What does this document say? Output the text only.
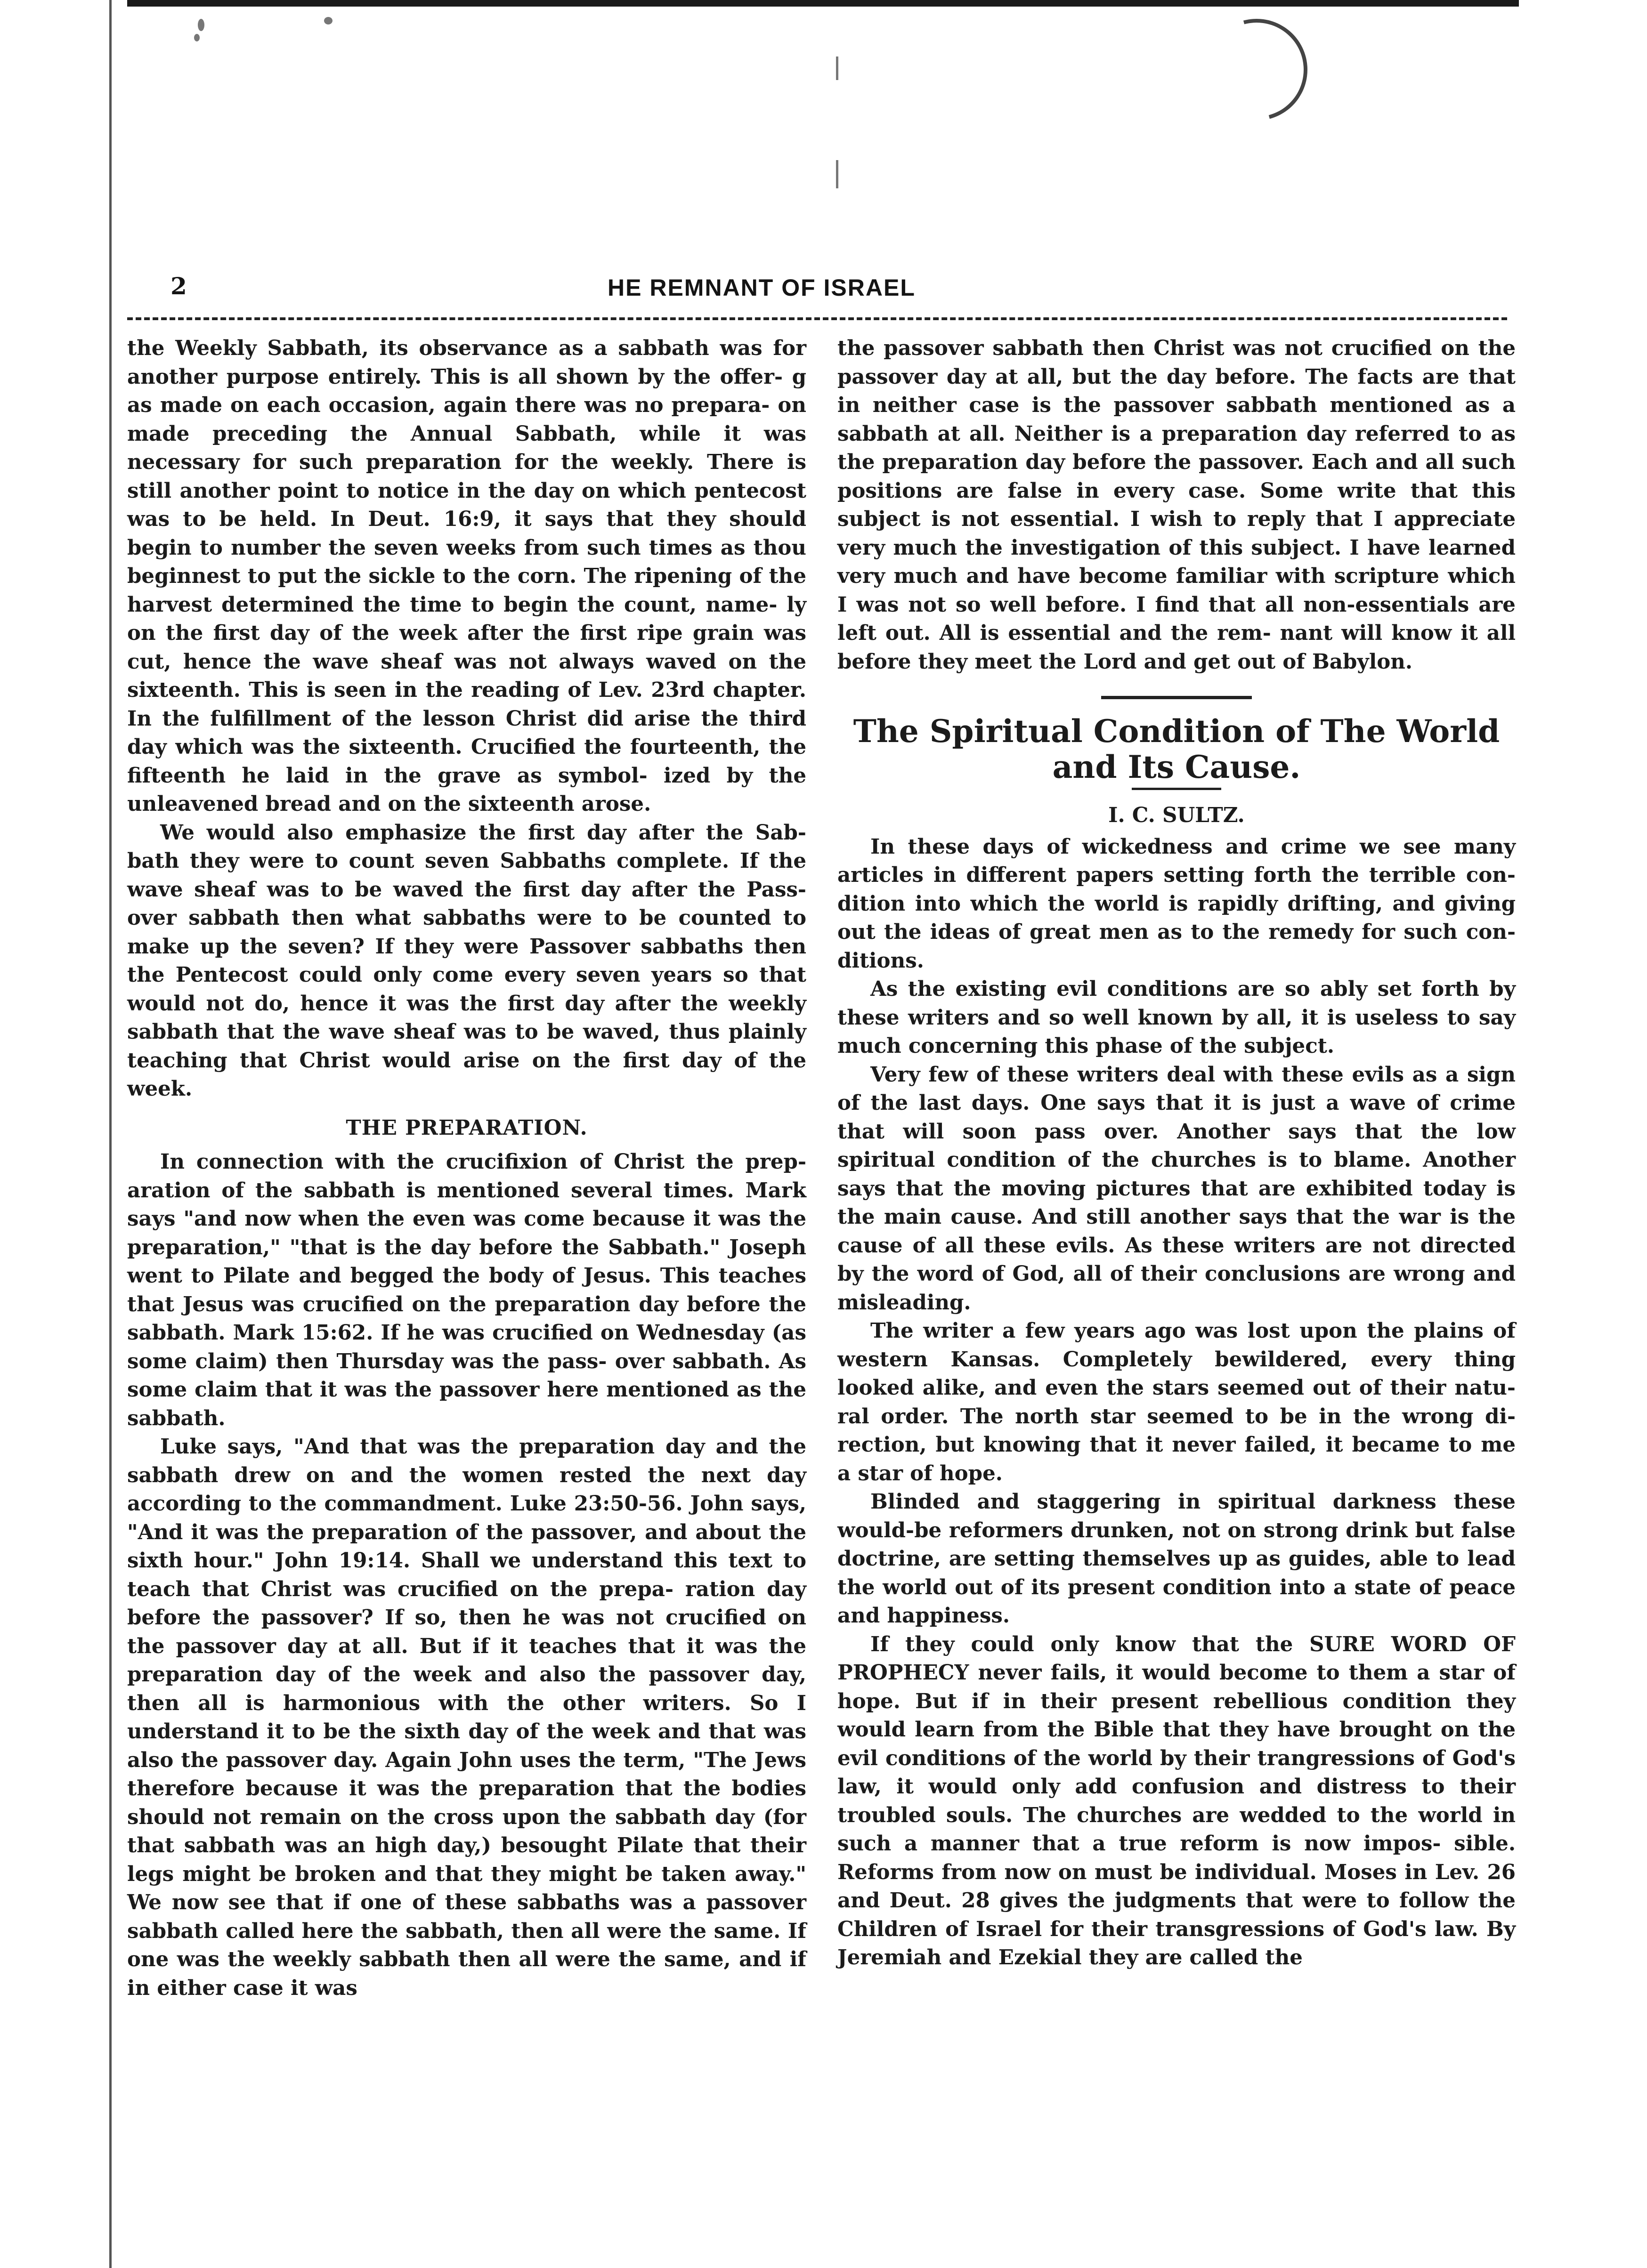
2	HE REMNANT OF ISRAEL

the Weekly Sabbath, its observance as a sabbath was for another purpose entirely. This is all shown by the offer- g as made on each occasion, again there was no prepara- on made preceding the Annual Sabbath, while it was necessary for such preparation for the weekly. There is still another point to notice in the day on which pentecost was to be held. In Deut. 16:9, it says that they should begin to number the seven weeks from such times as thou beginnest to put the sickle to the corn. The ripening of the harvest determined the time to begin the count, name- ly on the first day of the week after the first ripe grain was cut, hence the wave sheaf was not always waved on the sixteenth. This is seen in the reading of Lev. 23rd chapter. In the fulfillment of the lesson Christ did arise the third day which was the sixteenth. Crucified the fourteenth, the fifteenth he laid in the grave as symbol- ized by the unleavened bread and on the sixteenth arose.

We would also emphasize the first day after the Sab- bath they were to count seven Sabbaths complete. If the wave sheaf was to be waved the first day after the Pass- over sabbath then what sabbaths were to be counted to make up the seven? If they were Passover sabbaths then the Pentecost could only come every seven years so that would not do, hence it was the first day after the weekly sabbath that the wave sheaf was to be waved, thus plainly teaching that Christ would arise on the first day of the week.

THE PREPARATION.

In connection with the crucifixion of Christ the prep- aration of the sabbath is mentioned several times. Mark says "and now when the even was come because it was the preparation," "that is the day before the Sabbath." Joseph went to Pilate and begged the body of Jesus. This teaches that Jesus was crucified on the preparation day before the sabbath. Mark 15:62. If he was crucified on Wednesday (as some claim) then Thursday was the pass- over sabbath. As some claim that it was the passover here mentioned as the sabbath.

Luke says, "And that was the preparation day and the sabbath drew on and the women rested the next day according to the commandment. Luke 23:50-56. John says, "And it was the preparation of the passover, and about the sixth hour." John 19:14. Shall we understand this text to teach that Christ was crucified on the prepa- ration day before the passover? If so, then he was not crucified on the passover day at all. But if it teaches that it was the preparation day of the week and also the passover day, then all is harmonious with the other writers. So I understand it to be the sixth day of the week and that was also the passover day. Again John uses the term, "The Jews therefore because it was the preparation that the bodies should not remain on the cross upon the sabbath day (for that sabbath was an high day,) besought Pilate that their legs might be broken and that they might be taken away." We now see that if one of these sabbaths was a passover sabbath called here the sabbath, then all were the same. If one was the weekly sabbath then all were the same, and if in either case it was

the passover sabbath then Christ was not crucified on the passover day at all, but the day before. The facts are that in neither case is the passover sabbath mentioned as a sabbath at all. Neither is a preparation day referred to as the preparation day before the passover. Each and all such positions are false in every case. Some write that this subject is not essential. I wish to reply that I appreciate very much the investigation of this subject. I have learned very much and have become familiar with scripture which I was not so well before. I find that all non-essentials are left out. All is essential and the rem- nant will know it all before they meet the Lord and get out of Babylon.

The Spiritual Condition of The World and Its Cause.
I. C. SULTZ.

In these days of wickedness and crime we see many articles in different papers setting forth the terrible con- dition into which the world is rapidly drifting, and giving out the ideas of great men as to the remedy for such con- ditions.

As the existing evil conditions are so ably set forth by these writers and so well known by all, it is useless to say much concerning this phase of the subject.

Very few of these writers deal with these evils as a sign of the last days. One says that it is just a wave of crime that will soon pass over. Another says that the low spiritual condition of the churches is to blame. Another says that the moving pictures that are exhibited today is the main cause. And still another says that the war is the cause of all these evils. As these writers are not directed by the word of God, all of their conclusions are wrong and misleading.

The writer a few years ago was lost upon the plains of western Kansas. Completely bewildered, every thing looked alike, and even the stars seemed out of their natu- ral order. The north star seemed to be in the wrong di- rection, but knowing that it never failed, it became to me a star of hope.

Blinded and staggering in spiritual darkness these would-be reformers drunken, not on strong drink but false doctrine, are setting themselves up as guides, able to lead the world out of its present condition into a state of peace and happiness.

If they could only know that the SURE WORD OF PROPHECY never fails, it would become to them a star of hope. But if in their present rebellious condition they would learn from the Bible that they have brought on the evil conditions of the world by their trangressions of God's law, it would only add confusion and distress to their troubled souls. The churches are wedded to the world in such a manner that a true reform is now impos- sible. Reforms from now on must be individual. Moses in Lev. 26 and Deut. 28 gives the judgments that were to follow the Children of Israel for their transgressions of God's law. By Jeremiah and Ezekial they are called the
